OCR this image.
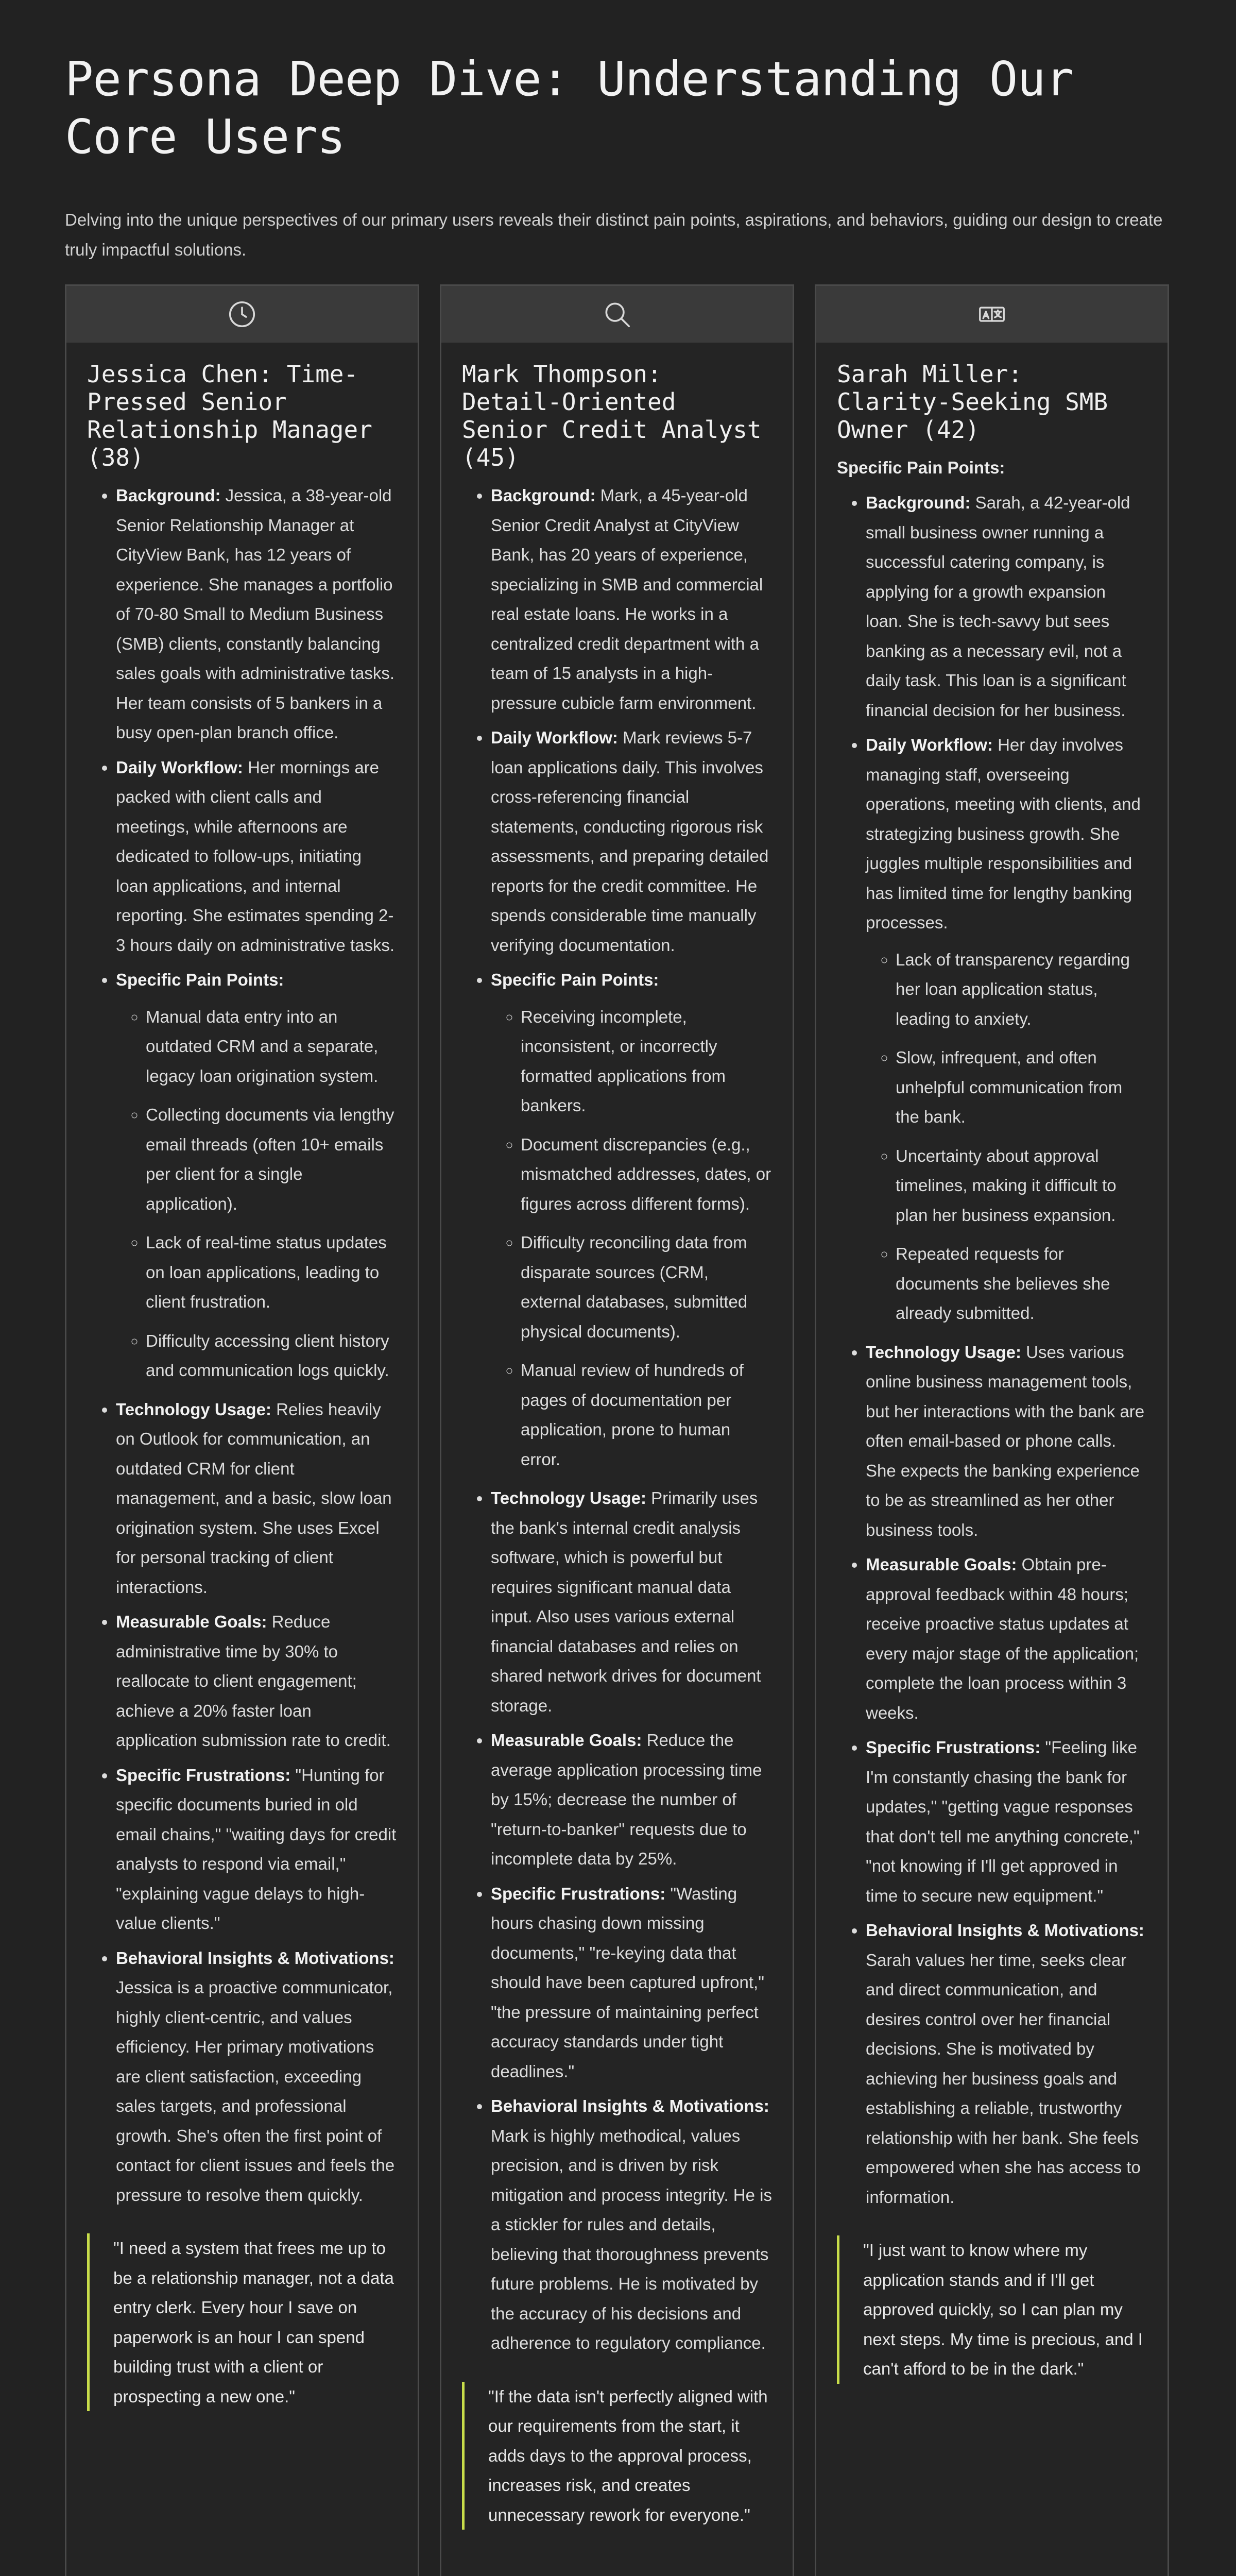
Persona Deep Dive: Understanding Our Core Users

Delving into the unique perspectives of our primary users reveals their distinct pain points, aspirations, and behaviors, guiding our design to create truly impactful solutions.

Jessica Chen: Time-Pressed Senior Relationship Manager (38)
• Background: Jessica, a 38-year-old Senior Relationship Manager at CityView Bank, has 12 years of experience. She manages a portfolio of 70-80 Small to Medium Business (SMB) clients, constantly balancing sales goals with administrative tasks. Her team consists of 5 bankers in a busy open-plan branch office.
• Daily Workflow: Her mornings are packed with client calls and meetings, while afternoons are dedicated to follow-ups, initiating loan applications, and internal reporting. She estimates spending 2-3 hours daily on administrative tasks.
• Specific Pain Points:
◦ Manual data entry into an outdated CRM and a separate, legacy loan origination system.
◦ Collecting documents via lengthy email threads (often 10+ emails per client for a single application).
◦ Lack of real-time status updates on loan applications, leading to client frustration.
◦ Difficulty accessing client history and communication logs quickly.
• Technology Usage: Relies heavily on Outlook for communication, an outdated CRM for client management, and a basic, slow loan origination system. She uses Excel for personal tracking of client interactions.
• Measurable Goals: Reduce administrative time by 30% to reallocate to client engagement; achieve a 20% faster loan application submission rate to credit.
• Specific Frustrations: "Hunting for specific documents buried in old email chains," "waiting days for credit analysts to respond via email," "explaining vague delays to high-value clients."
• Behavioral Insights & Motivations: Jessica is a proactive communicator, highly client-centric, and values efficiency. Her primary motivations are client satisfaction, exceeding sales targets, and professional growth. She's often the first point of contact for client issues and feels the pressure to resolve them quickly.
"I need a system that frees me up to be a relationship manager, not a data entry clerk. Every hour I save on paperwork is an hour I can spend building trust with a client or prospecting a new one."
Mark Thompson: Detail-Oriented Senior Credit Analyst (45)
• Background: Mark, a 45-year-old Senior Credit Analyst at CityView Bank, has 20 years of experience, specializing in SMB and commercial real estate loans. He works in a centralized credit department with a team of 15 analysts in a high-pressure cubicle farm environment.
• Daily Workflow: Mark reviews 5-7 loan applications daily. This involves cross-referencing financial statements, conducting rigorous risk assessments, and preparing detailed reports for the credit committee. He spends considerable time manually verifying documentation.
• Specific Pain Points:
◦ Receiving incomplete, inconsistent, or incorrectly formatted applications from bankers.
◦ Document discrepancies (e.g., mismatched addresses, dates, or figures across different forms).
◦ Difficulty reconciling data from disparate sources (CRM, external databases, submitted physical documents).
◦ Manual review of hundreds of pages of documentation per application, prone to human error.
• Technology Usage: Primarily uses the bank's internal credit analysis software, which is powerful but requires significant manual data input. Also uses various external financial databases and relies on shared network drives for document storage.
• Measurable Goals: Reduce the average application processing time by 15%; decrease the number of "return-to-banker" requests due to incomplete data by 25%.
• Specific Frustrations: "Wasting hours chasing down missing documents," "re-keying data that should have been captured upfront," "the pressure of maintaining perfect accuracy standards under tight deadlines."
• Behavioral Insights & Motivations: Mark is highly methodical, values precision, and is driven by risk mitigation and process integrity. He is a stickler for rules and details, believing that thoroughness prevents future problems. He is motivated by the accuracy of his decisions and adherence to regulatory compliance.
"If the data isn't perfectly aligned with our requirements from the start, it adds days to the approval process, increases risk, and creates unnecessary rework for everyone."
Sarah Miller: Clarity-Seeking SMB Owner (42)
Specific Pain Points:
• Background: Sarah, a 42-year-old small business owner running a successful catering company, is applying for a growth expansion loan. She is tech-savvy but sees banking as a necessary evil, not a daily task. This loan is a significant financial decision for her business.
• Daily Workflow: Her day involves managing staff, overseeing operations, meeting with clients, and strategizing business growth. She juggles multiple responsibilities and has limited time for lengthy banking processes.
◦ Lack of transparency regarding her loan application status, leading to anxiety.
◦ Slow, infrequent, and often unhelpful communication from the bank.
◦ Uncertainty about approval timelines, making it difficult to plan her business expansion.
◦ Repeated requests for documents she believes she already submitted.
• Technology Usage: Uses various online business management tools, but her interactions with the bank are often email-based or phone calls. She expects the banking experience to be as streamlined as her other business tools.
• Measurable Goals: Obtain pre-approval feedback within 48 hours; receive proactive status updates at every major stage of the application; complete the loan process within 3 weeks.
• Specific Frustrations: "Feeling like I'm constantly chasing the bank for updates," "getting vague responses that don't tell me anything concrete," "not knowing if I'll get approved in time to secure new equipment."
• Behavioral Insights & Motivations: Sarah values her time, seeks clear and direct communication, and desires control over her financial decisions. She is motivated by achieving her business goals and establishing a reliable, trustworthy relationship with her bank. She feels empowered when she has access to information.
"I just want to know where my application stands and if I'll get approved quickly, so I can plan my next steps. My time is precious, and I can't afford to be in the dark."
